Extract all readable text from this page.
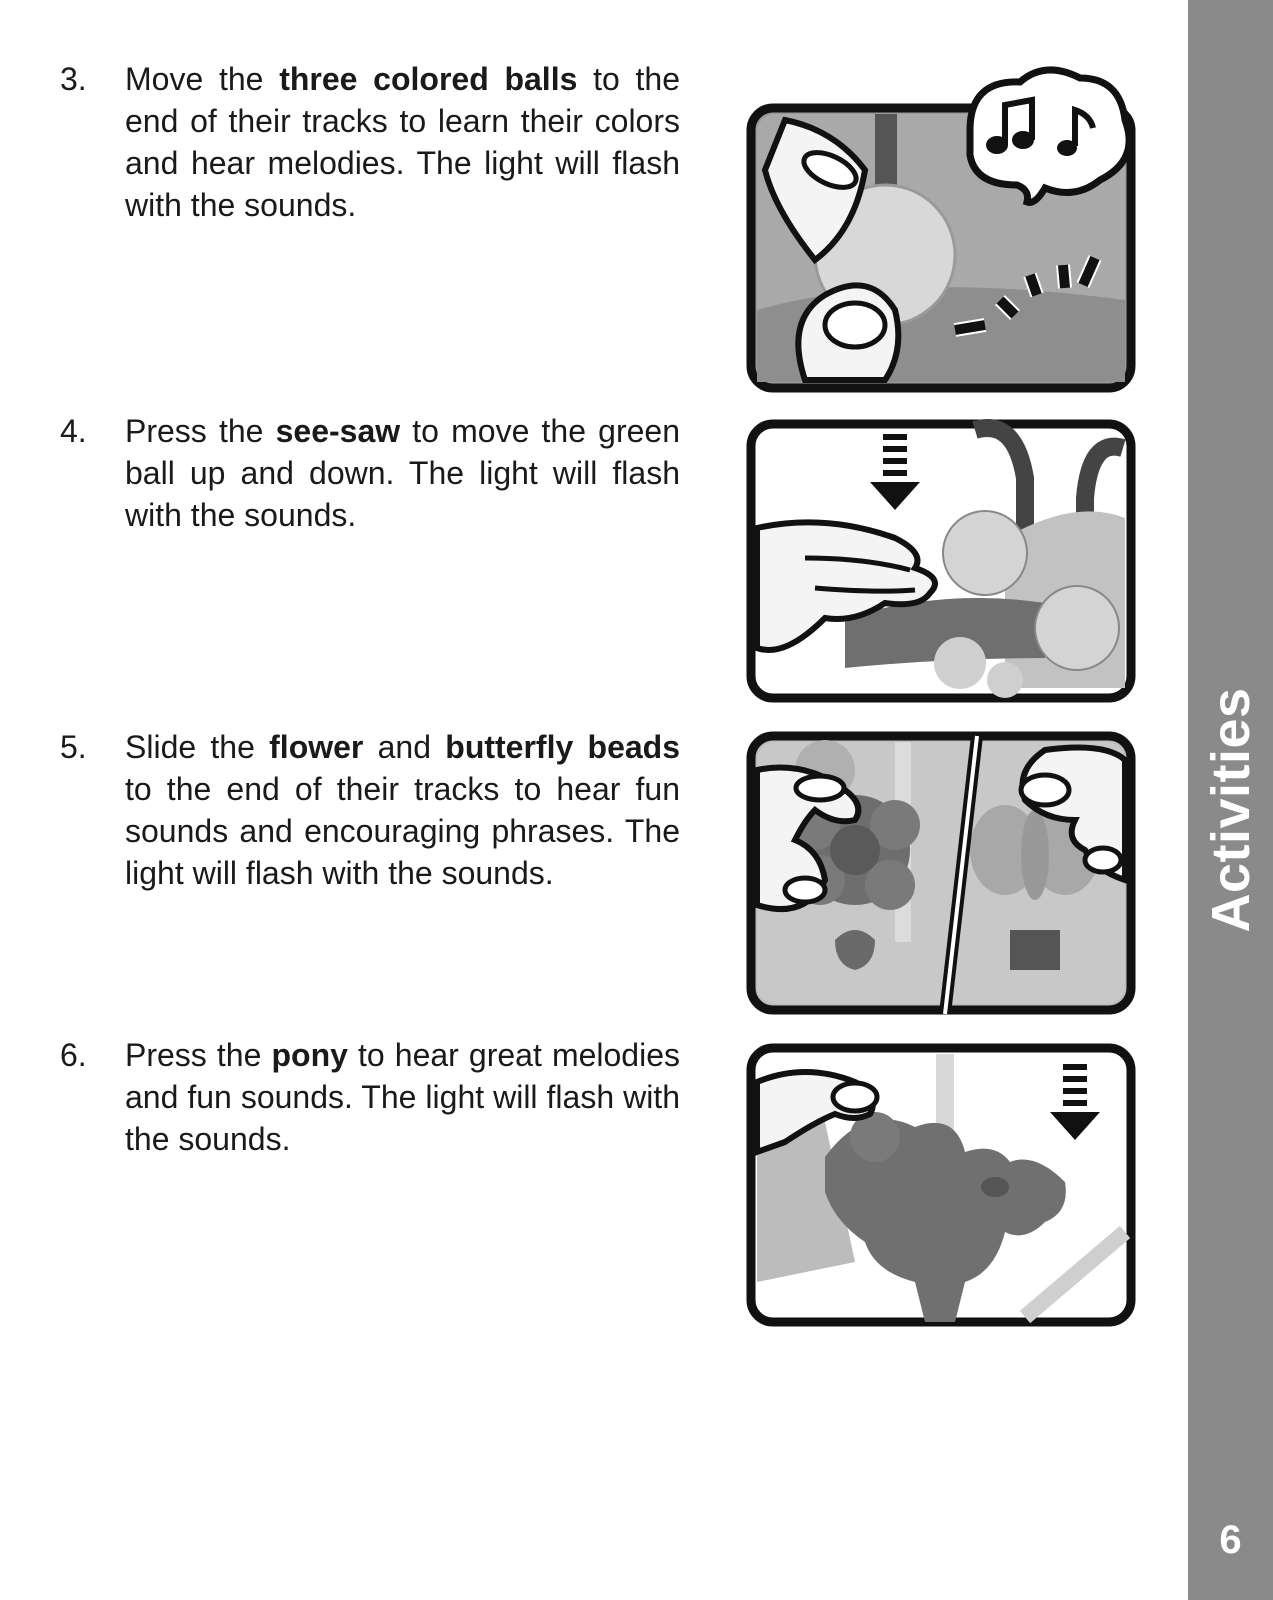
Activities
6
3.	Move the three colored balls to the end of their tracks to learn their colors and hear melodies. The light will flash with the sounds.
4.	Press the see-saw to move the green ball up and down. The light will flash with the sounds.
5.	Slide the flower and butterfly beads to the end of their tracks to hear fun sounds and encouraging phrases. The light will flash with the sounds.
6.	Press the pony to hear great melodies and fun sounds. The light will flash with the sounds.
